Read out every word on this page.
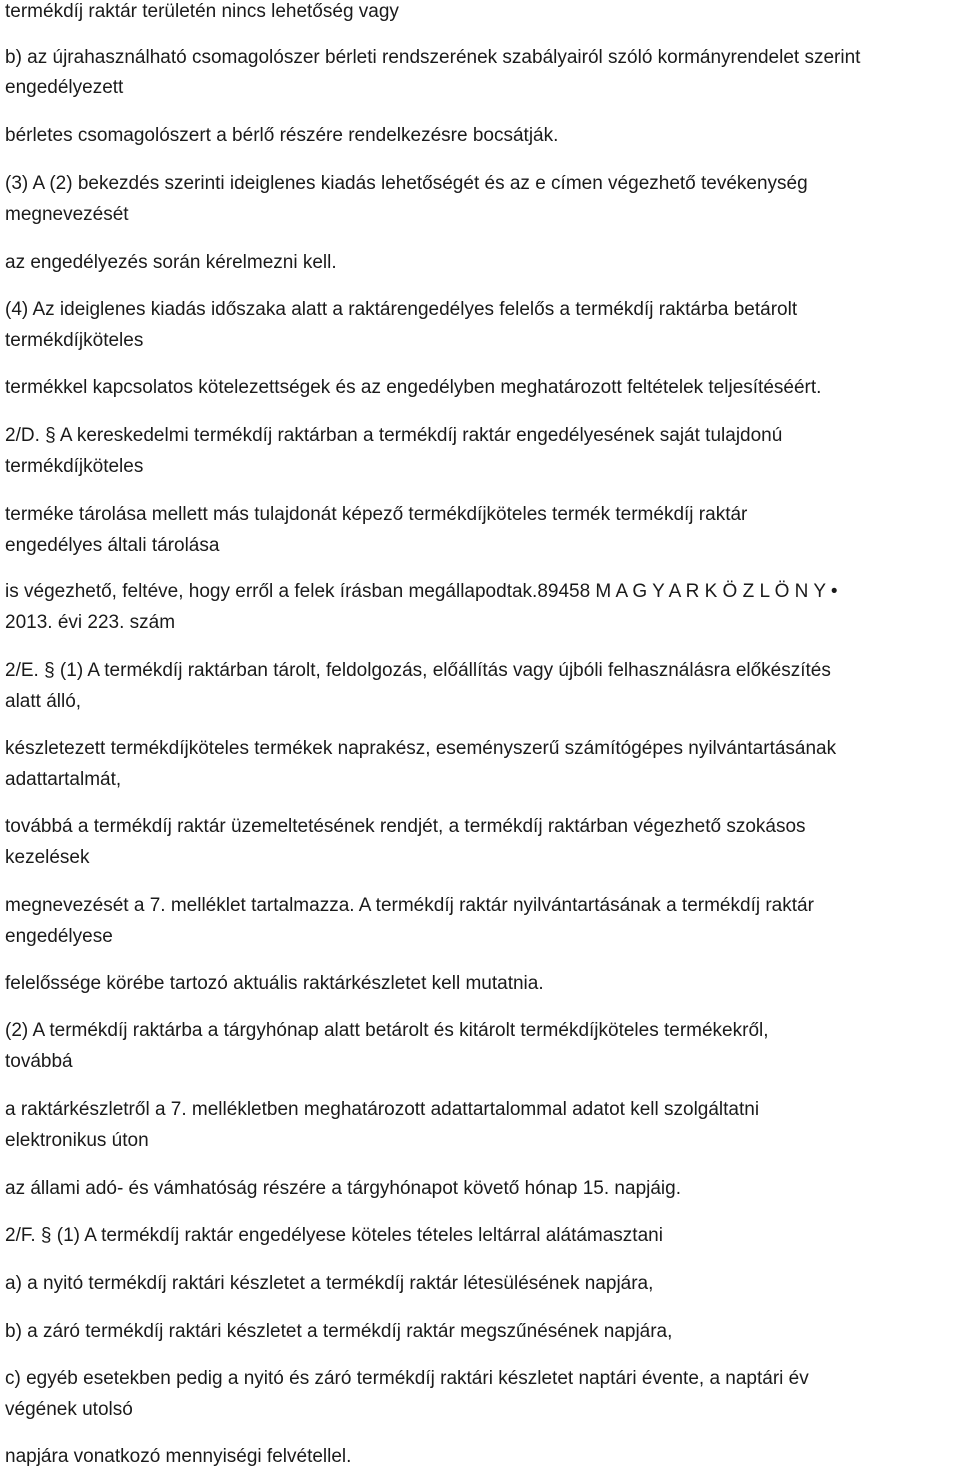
termékdíj raktár területén nincs lehetőség vagy
b) az újrahasználható csomagolószer bérleti rendszerének szabályairól szóló kormányrendelet szerint
engedélyezett
bérletes csomagolószert a bérlő részére rendelkezésre bocsátják.
(3) A (2) bekezdés szerinti ideiglenes kiadás lehetőségét és az e címen végezhető tevékenység
megnevezését
az engedélyezés során kérelmezni kell.
(4) Az ideiglenes kiadás időszaka alatt a raktárengedélyes felelős a termékdíj raktárba betárolt
termékdíjköteles
termékkel kapcsolatos kötelezettségek és az engedélyben meghatározott feltételek teljesítéséért.
2/D. § A kereskedelmi termékdíj raktárban a termékdíj raktár engedélyesének saját tulajdonú
termékdíjköteles
terméke tárolása mellett más tulajdonát képező termékdíjköteles termék termékdíj raktár
engedélyes általi tárolása
is végezhető, feltéve, hogy erről a felek írásban megállapodtak.89458 M A G Y A R K Ö Z L Ö N Y •
2013. évi 223. szám
2/E. § (1) A termékdíj raktárban tárolt, feldolgozás, előállítás vagy újbóli felhasználásra előkészítés
alatt álló,
készletezett termékdíjköteles termékek naprakész, eseményszerű számítógépes nyilvántartásának
adattartalmát,
továbbá a termékdíj raktár üzemeltetésének rendjét, a termékdíj raktárban végezhető szokásos
kezelések
megnevezését a 7. melléklet tartalmazza. A termékdíj raktár nyilvántartásának a termékdíj raktár
engedélyese
felelőssége körébe tartozó aktuális raktárkészletet kell mutatnia.
(2) A termékdíj raktárba a tárgyhónap alatt betárolt és kitárolt termékdíjköteles termékekről,
továbbá
a raktárkészletről a 7. mellékletben meghatározott adattartalommal adatot kell szolgáltatni
elektronikus úton
az állami adó- és vámhatóság részére a tárgyhónapot követő hónap 15. napjáig.
2/F. § (1) A termékdíj raktár engedélyese köteles tételes leltárral alátámasztani
a) a nyitó termékdíj raktári készletet a termékdíj raktár létesülésének napjára,
b) a záró termékdíj raktári készletet a termékdíj raktár megszűnésének napjára,
c) egyéb esetekben pedig a nyitó és záró termékdíj raktári készletet naptári évente, a naptári év
végének utolsó
napjára vonatkozó mennyiségi felvétellel.
